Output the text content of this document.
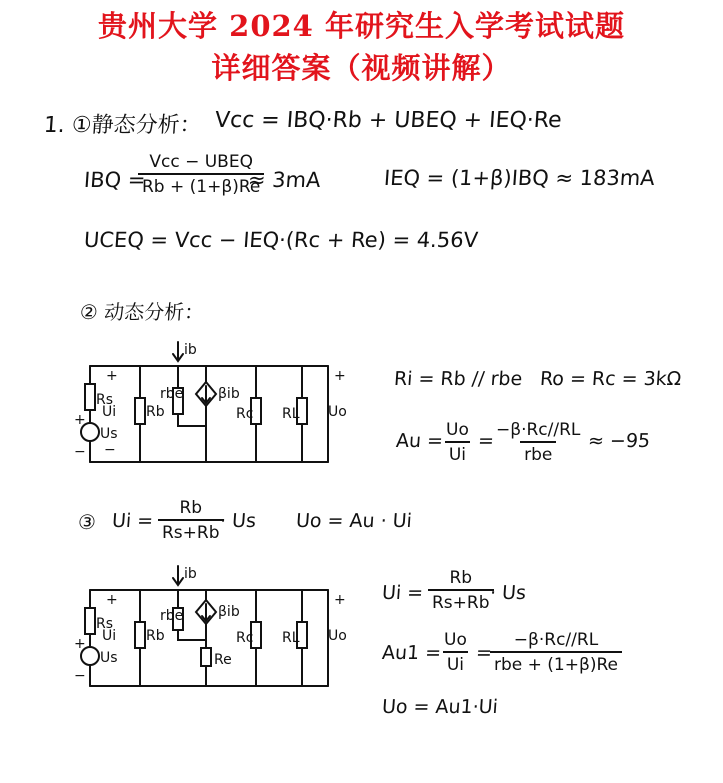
贵州大学 2024 年研究生入学考试试题
详细答案（视频讲解）
1. ①静态分析： Vcc = IBQ·Rb + UBEQ + IEQ·Re
IBQ =
Vcc − UBEQ
Rb + (1+β)Re
≈ 3mA	IEQ = (1+β)IBQ ≈ 183mA
UCEQ = Vcc − IEQ·(Rc + Re) = 4.56V
② 动态分析：
Rs
+
Ui
−
Us
+
−
Rb
rbe
ib
βib
Rc RL
+
Uo
Ri = Rb // rbe Ro = Rc = 3kΩ
Au =
$\frac{Uo}{Ui} = -\beta\cdot Rc//RL$
rbe
≈ −95
③ $Ui = \frac{Rb}{Rs+Rb}$
· Us Uo = Au · Ui
Rs
+
Ui
Us
+
−
Rb
rbe
ib
βib
Re
Rc RL
+
Uo
$Ui = \frac{Rb}{Rs+Rb}$
· Us
Au1 =
$\frac{Uo}{Ui}$ =
−β·Rc//RL
rbe + (1+β)Re
Uo = Au1·Ui
